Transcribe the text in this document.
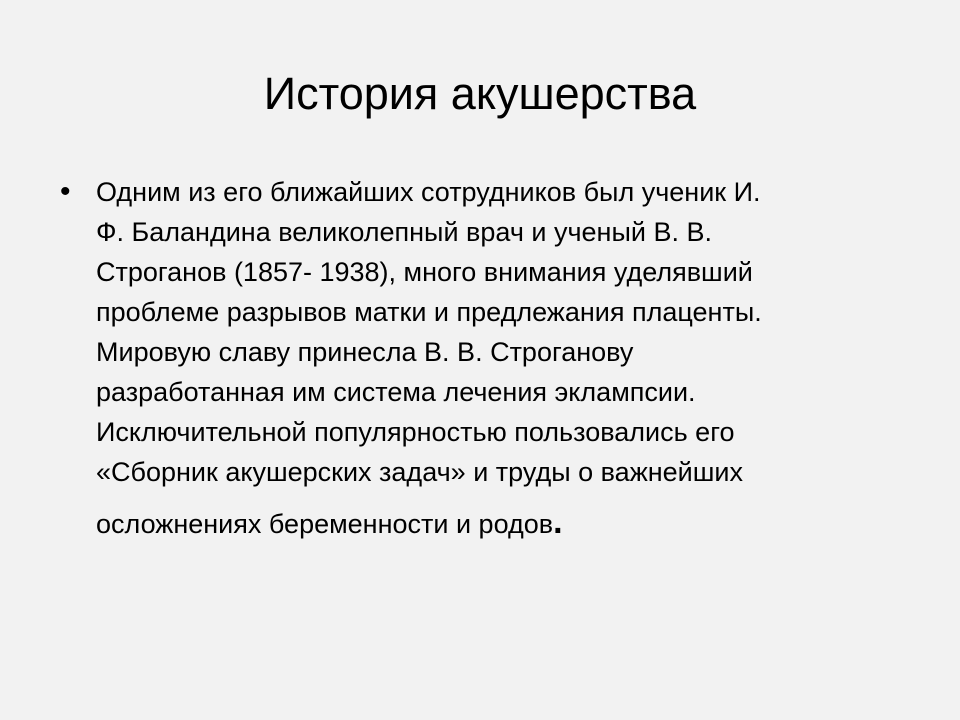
История акушерства
• Одним из его ближайших сотрудников был ученик И.
Ф. Баландина великолепный врач и ученый В. В.
Строганов (1857- 1938), много внимания уделявший
проблеме разрывов матки и предлежания плаценты.
Мировую славу принесла В. В. Строганову
разработанная им система лечения эклампсии.
Исключительной популярностью пользовались его
«Сборник акушерских задач» и труды о важнейших
осложнениях беременности и родов.
